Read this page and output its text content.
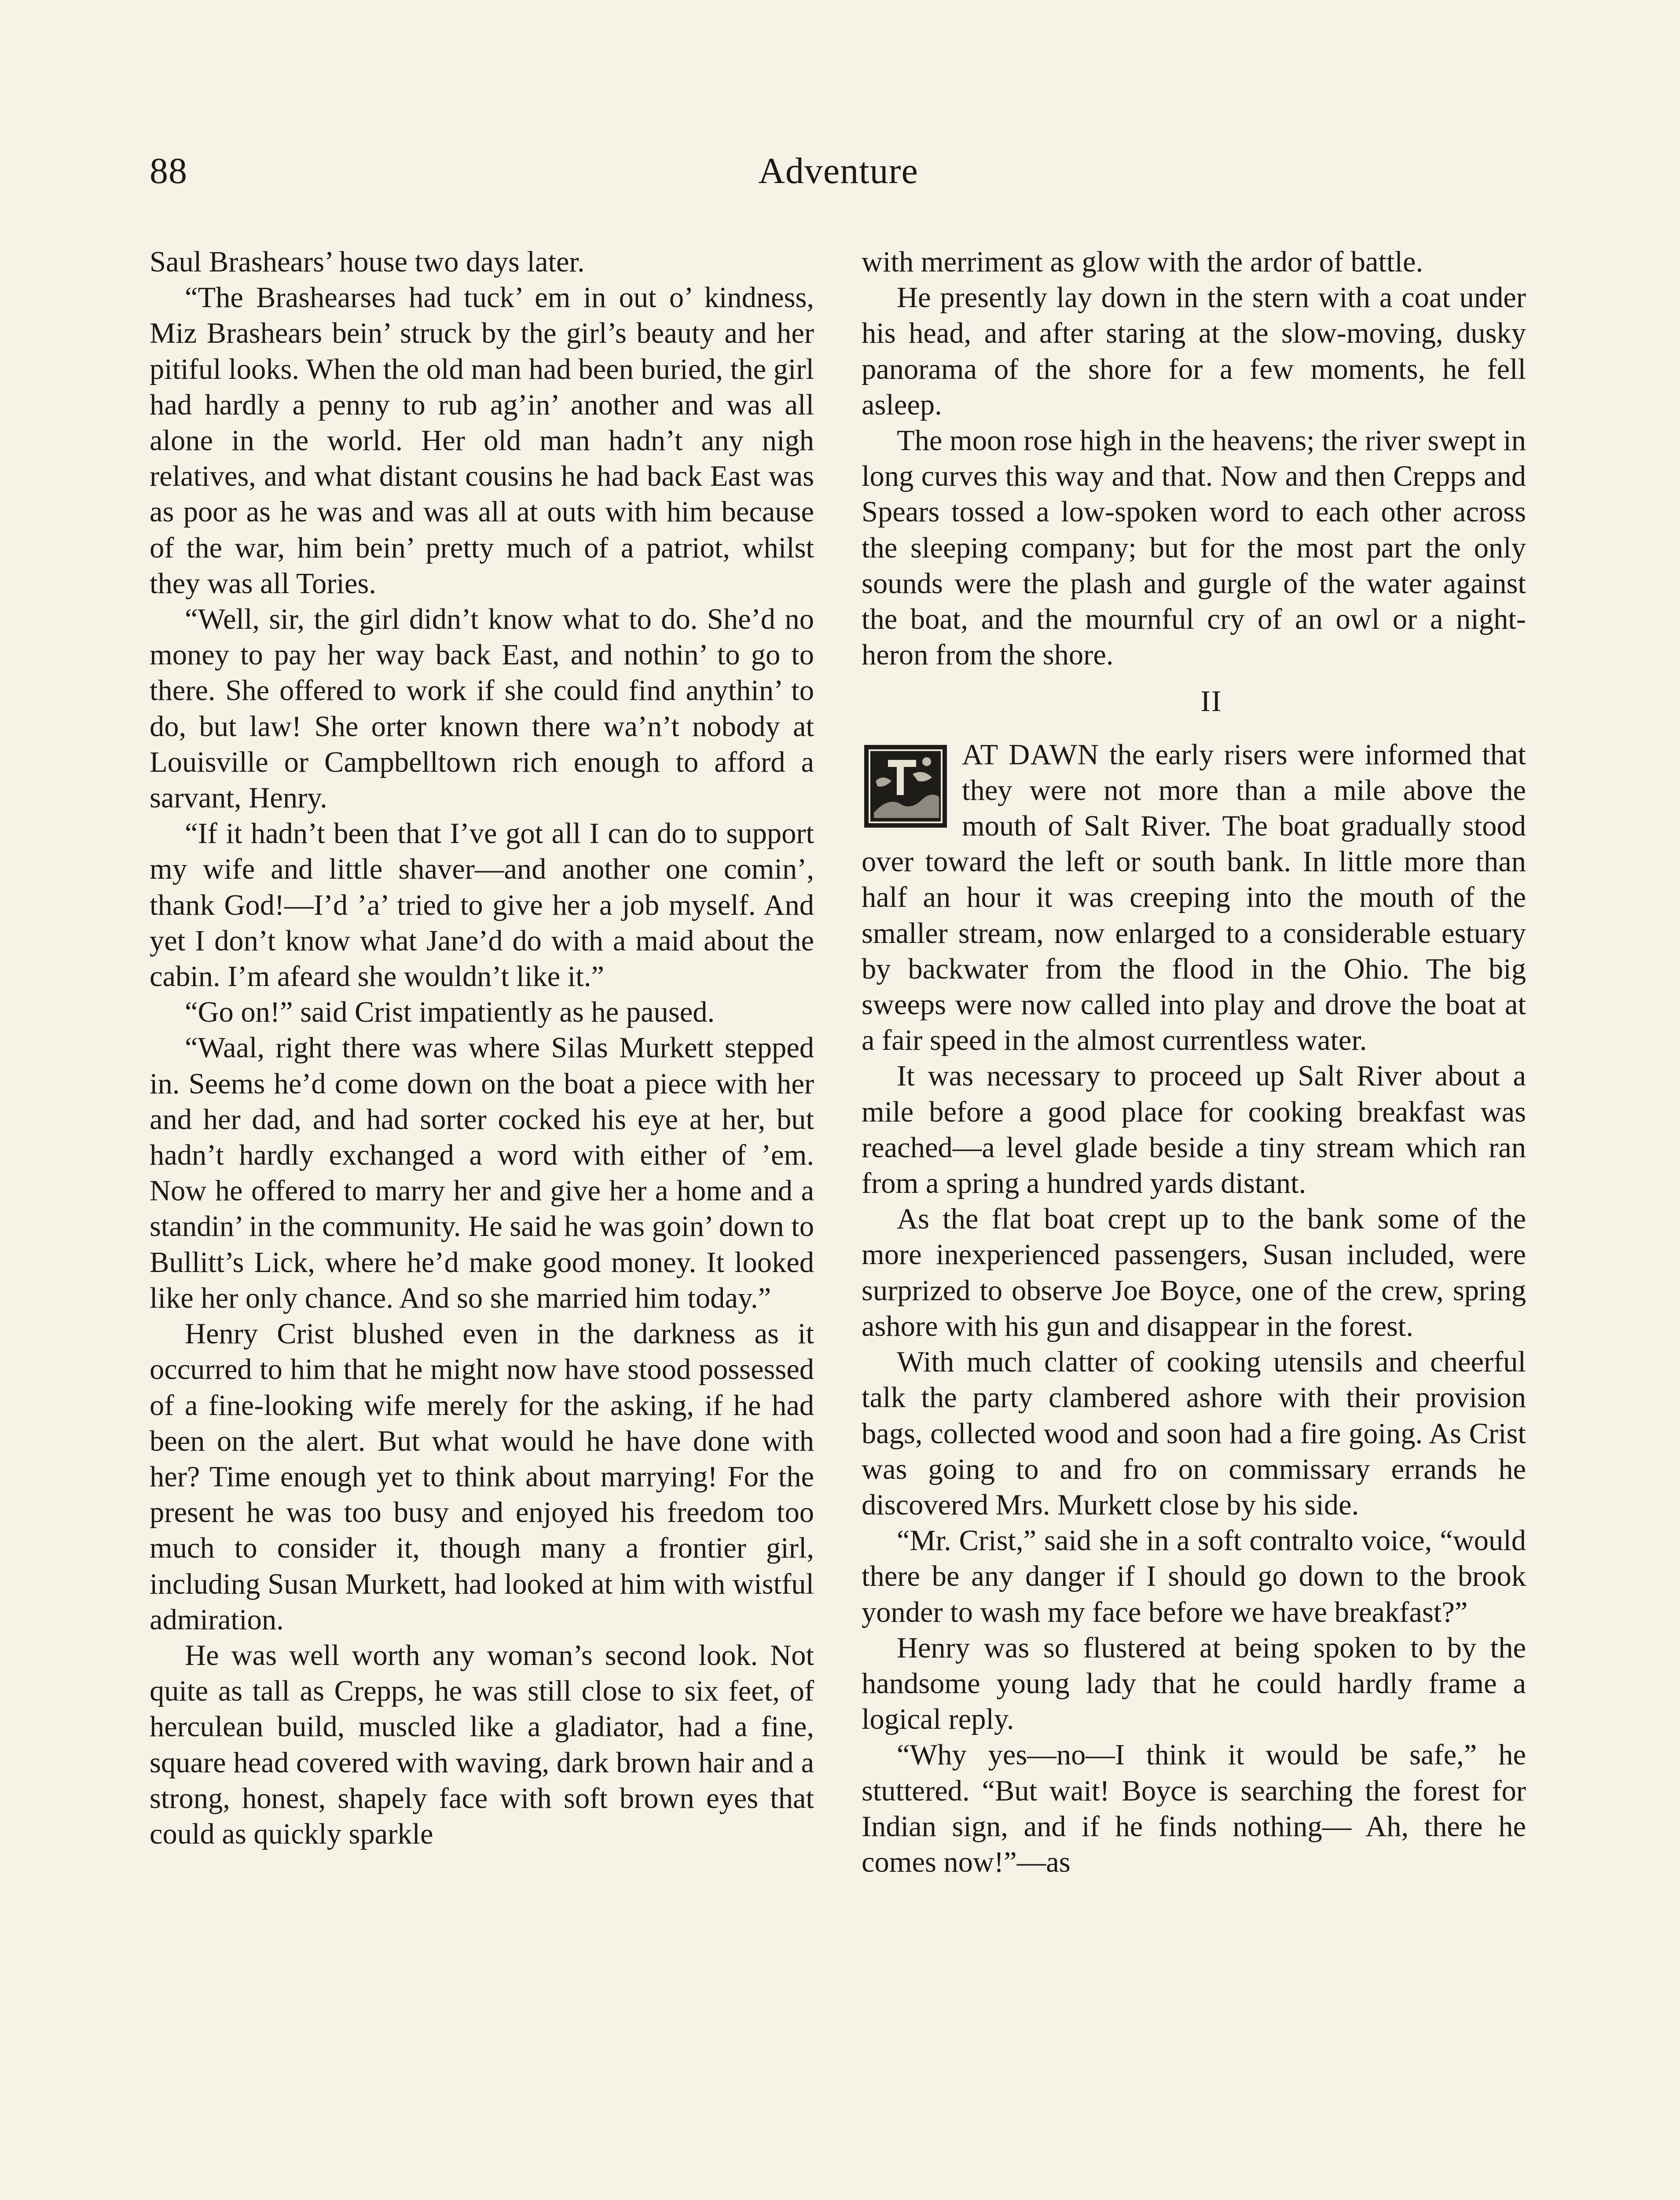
88	Adventure

Saul Brashears’ house two days later.

“The Brashearses had tuck’ em in out o’ kindness, Miz Brashears bein’ struck by the girl’s beauty and her pitiful looks. When the old man had been buried, the girl had hardly a penny to rub ag’in’ another and was all alone in the world. Her old man hadn’t any nigh relatives, and what distant cousins he had back East was as poor as he was and was all at outs with him because of the war, him bein’ pretty much of a patriot, whilst they was all Tories.

“Well, sir, the girl didn’t know what to do. She’d no money to pay her way back East, and nothin’ to go to there. She offered to work if she could find anythin’ to do, but law! She orter known there wa’n’t nobody at Louisville or Campbelltown rich enough to afford a sarvant, Henry.

“If it hadn’t been that I’ve got all I can do to support my wife and little shaver—and another one comin’, thank God!—I’d ’a’ tried to give her a job myself. And yet I don’t know what Jane’d do with a maid about the cabin. I’m afeard she wouldn’t like it.”

“Go on!” said Crist impatiently as he paused.

“Waal, right there was where Silas Murkett stepped in. Seems he’d come down on the boat a piece with her and her dad, and had sorter cocked his eye at her, but hadn’t hardly exchanged a word with either of ’em. Now he offered to marry her and give her a home and a standin’ in the community. He said he was goin’ down to Bullitt’s Lick, where he’d make good money. It looked like her only chance. And so she married him today.”

Henry Crist blushed even in the darkness as it occurred to him that he might now have stood possessed of a fine-looking wife merely for the asking, if he had been on the alert. But what would he have done with her? Time enough yet to think about marrying! For the present he was too busy and enjoyed his freedom too much to consider it, though many a frontier girl, including Susan Murkett, had looked at him with wistful admiration.

He was well worth any woman’s second look. Not quite as tall as Crepps, he was still close to six feet, of herculean build, muscled like a gladiator, had a fine, square head covered with waving, dark brown hair and a strong, honest, shapely face with soft brown eyes that could as quickly sparkle

with merriment as glow with the ardor of battle.

He presently lay down in the stern with a coat under his head, and after staring at the slow-moving, dusky panorama of the shore for a few moments, he fell asleep.

The moon rose high in the heavens; the river swept in long curves this way and that. Now and then Crepps and Spears tossed a low-spoken word to each other across the sleeping company; but for the most part the only sounds were the plash and gurgle of the water against the boat, and the mournful cry of an owl or a night-heron from the shore.

II

AT DAWN the early risers were informed that they were not more than a mile above the mouth of Salt River. The boat gradually stood over toward the left or south bank. In little more than half an hour it was creeping into the mouth of the smaller stream, now enlarged to a considerable estuary by backwater from the flood in the Ohio. The big sweeps were now called into play and drove the boat at a fair speed in the almost currentless water.

It was necessary to proceed up Salt River about a mile before a good place for cooking breakfast was reached—a level glade beside a tiny stream which ran from a spring a hundred yards distant.

As the flat boat crept up to the bank some of the more inexperienced passengers, Susan included, were surprized to observe Joe Boyce, one of the crew, spring ashore with his gun and disappear in the forest.

With much clatter of cooking utensils and cheerful talk the party clambered ashore with their provision bags, collected wood and soon had a fire going. As Crist was going to and fro on commissary errands he discovered Mrs. Murkett close by his side.

“Mr. Crist,” said she in a soft contralto voice, “would there be any danger if I should go down to the brook yonder to wash my face before we have breakfast?”

Henry was so flustered at being spoken to by the handsome young lady that he could hardly frame a logical reply.

“Why yes—no—I think it would be safe,” he stuttered. “But wait! Boyce is searching the forest for Indian sign, and if he finds nothing— Ah, there he comes now!”—as
